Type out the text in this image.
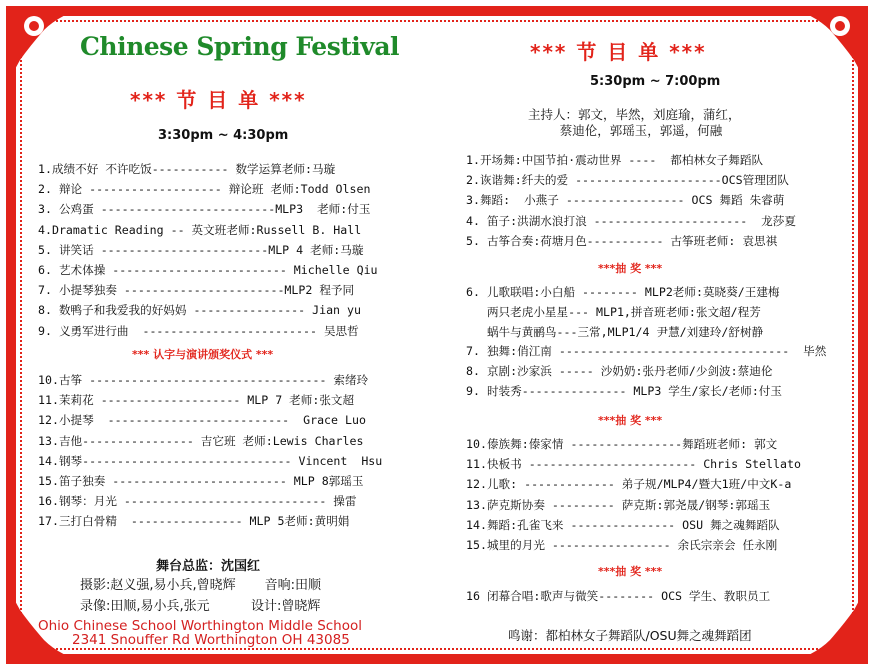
Chinese Spring Festival
*** 节 目 单 ***
3:30pm ~ 4:30pm
1.成绩不好 不许吃饭----------- 数学运算老师:马璇
2. 辩论 ------------------- 辩论班 老师:Todd Olsen
3. 公鸡蛋 -------------------------MLP3  老师:付玉
4.Dramatic Reading -- 英文班老师:Russell B. Hall
5. 讲笑话 ------------------------MLP 4 老师:马璇
6. 艺术体操 ------------------------- Michelle Qiu
7. 小提琴独奏 -----------------------MLP2 程予同
8. 数鸭子和我爱我的好妈妈 ---------------- Jian yu
9. 义勇军进行曲  ------------------------- 吴思哲
*** 认字与演讲颁奖仪式 ***
10.古筝 ---------------------------------- 索绪玲
11.茉莉花 -------------------- MLP 7 老师:张文超
12.小提琴  --------------------------  Grace Luo
13.吉他---------------- 吉它班 老师:Lewis Charles
14.钢琴------------------------------ Vincent  Hsu
15.笛子独奏 ------------------------- MLP 8郭瑶玉
16.钢琴：月光 ----------------------------- 操雷
17.三打白骨精  ---------------- MLP 5老师:黄明娟
舞台总监：沈国红
摄影:赵义强,易小兵,曾晓辉       音响:田顺
录像:田顺,易小兵,张元          设计:曾晓辉
Ohio Chinese School Worthington Middle School
2341 Snouffer Rd Worthington OH 43085
*** 节 目 单 ***
5:30pm ~ 7:00pm
主持人：郭文，毕然，刘庭瑜，蒲红，
蔡迪伦，郭瑶玉，郭遥，何融
1.开场舞:中国节拍·震动世界 ----  都柏林女子舞蹈队
2.诙谐舞:纤夫的爱 ---------------------OCS管理团队
3.舞蹈:  小燕子 ----------------- OCS 舞蹈 朱睿萌
4. 笛子:洪湖水浪打浪 ----------------------  龙莎夏
5. 古筝合奏:荷塘月色----------- 古筝班老师: 袁思祺
***抽 奖 ***
6. 儿歌联唱:小白船 -------- MLP2老师:莫晓葵/王建梅
两只老虎小星星--- MLP1,拼音班老师:张文超/程芳
蜗牛与黄鹂鸟---三常,MLP1/4 尹慧/刘建玲/舒树静
7. 独舞:俏江南 ---------------------------------  毕然
8. 京剧:沙家浜 ----- 沙奶奶:张丹老师/少剑波:蔡迪伦
9. 时装秀--------------- MLP3 学生/家长/老师:付玉
***抽 奖 ***
10.傣族舞:傣家情 ----------------舞蹈班老师: 郭文
11.快板书 ------------------------ Chris Stellato
12.儿歌: ------------- 弟子规/MLP4/暨大1班/中文K-a
13.萨克斯协奏 --------- 萨克斯:郭尧晟/钢琴:郭瑶玉
14.舞蹈:孔雀飞来 --------------- OSU 舞之魂舞蹈队
15.城里的月光 ----------------- 余氏宗亲会 任永刚
***抽 奖 ***
16 闭幕合唱:歌声与微笑-------- OCS 学生、教职员工
鸣谢：都柏林女子舞蹈队/OSU舞之魂舞蹈团
